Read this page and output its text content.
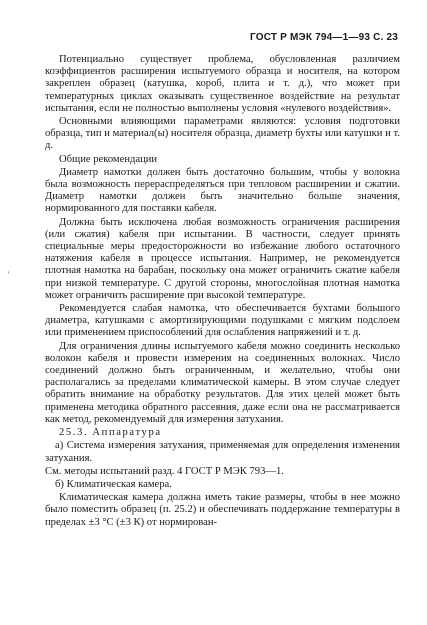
ГОСТ Р МЭК 794—1—93 С. 23
'

Потенциально существует проблема, обусловленная различием коэффициентов расширения испытуемого образца и носителя, на котором закреплен образец (катушка, короб, плита и т. д.), что может при температурных циклах оказывать существенное воздействие на результат испытания, если не полностью выполнены условия «нулевого воздействия».

Основными влияющими параметрами являются: условия подготовки образца, тип и материал(ы) носителя образца, диаметр бухты или катушки и т. д.

Общие рекомендации

Диаметр намотки должен быть достаточно большим, чтобы у волокна была возможность перераспределяться при тепловом расширении и сжатии. Диаметр намотки должен быть значительно больше значения, нормированного для поставки кабеля.

Должна быть исключена любая возможность ограничения расширения (или сжатия) кабеля при испытании. В частности, следует принять специальные меры предосторожности во избежание любого остаточного натяжения кабеля в процессе испытания. Например, не рекомендуется плотная намотка на барабан, поскольку она может ограничить сжатие кабеля при низкой температуре. С другой стороны, многослойная плотная намотка может ограничить расширение при высокой температуре.

Рекомендуется слабая намотка, что обеспечивается бухтами большого диаметра, катушками с амортизирующими подушками с мягким подслоем или применением приспособлений для ослабления напряжений и т. д.

Для ограничения длины испытуемого кабеля можно соединить несколько волокон кабеля и провести измерения на соединенных волокнах. Число соединений должно быть ограниченным, и желательно, чтобы они располагались за пределами климатической камеры. В этом случае следует обратить внимание на обработку результатов. Для этих целей может быть применена методика обратного рассеяния, даже если она не рассматривается как метод, рекомендуемый для измерения затухания.

25.3. Аппаратура

а) Система измерения затухания, применяемая для определения изменения затухания.

См. методы испытаний разд. 4 ГОСТ Р МЭК 793—1.

б) Климатическая камера.

Климатическая камера должна иметь такие размеры, чтобы в нее можно было поместить образец (п. 25.2) и обеспечивать поддержание температуры в пределах ±3 °С (±3 К) от нормирован-
